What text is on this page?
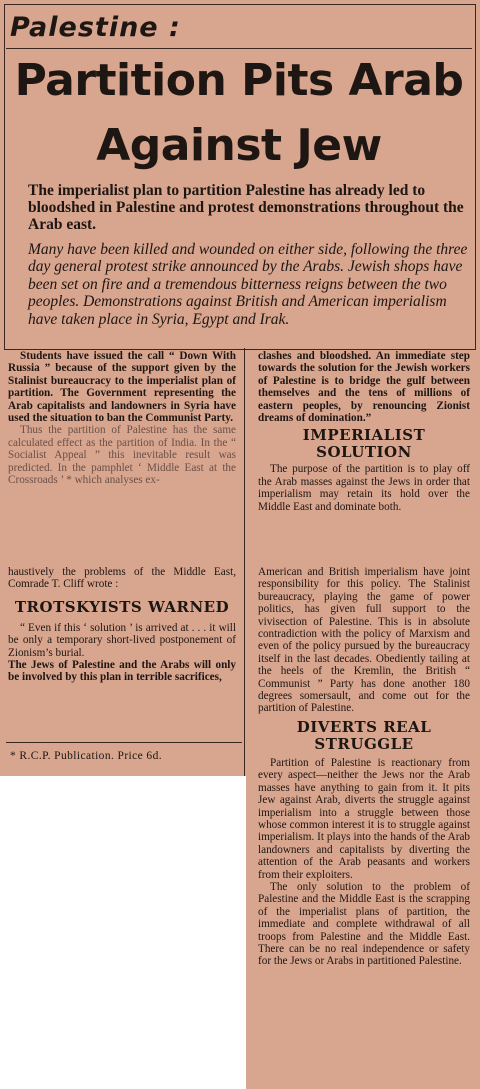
Palestine :
Partition Pits Arab
Against Jew
The imperialist plan to partition Palestine has already led to bloodshed in Palestine and protest demonstrations throughout the Arab east.
Many have been killed and wounded on either side, following the three day general protest strike announced by the Arabs. Jewish shops have been set on fire and a tremendous bitterness reigns between the two peoples. Demonstrations against British and American imperialism have taken place in Syria, Egypt and Irak.

Students have issued the call “ Down With Russia ” because of the support given by the Stalinist bureaucracy to the imperialist plan of partition. The Government representing the Arab capitalists and landowners in Syria have used the situation to ban the Communist Party.

Thus the partition of Palestine has the same calculated effect as the partition of India. In the “ Socialist Appeal ” this inevitable result was predicted. In the pamphlet ‘ Middle East at the Crossroads ’ * which analyses ex-

clashes and bloodshed. An immediate step towards the solution for the Jewish workers of Palestine is to bridge the gulf between themselves and the tens of millions of eastern peoples, by renouncing Zionist dreams of domination.”

IMPERIALIST SOLUTION

The purpose of the partition is to play off the Arab masses against the Jews in order that imperialism may retain its hold over the Middle East and dominate both.

haustively the problems of the Middle East, Comrade T. Cliff wrote :

TROTSKYISTS WARNED

“ Even if this ‘ solution ’ is arrived at . . . it will be only a temporary short-lived postponement of Zionism’s burial.

The Jews of Palestine and the Arabs will only be involved by this plan in terrible sacrifices,

* R.C.P. Publication. Price 6d.

American and British imperialism have joint responsibility for this policy. The Stalinist bureaucracy, playing the game of power politics, has given full support to the vivisection of Palestine. This is in absolute contradiction with the policy of Marxism and even of the policy pursued by the bureaucracy itself in the last decades. Obediently tailing at the heels of the Kremlin, the British “ Communist ” Party has done another 180 degrees somersault, and come out for the partition of Palestine.

DIVERTS REAL STRUGGLE

Partition of Palestine is reactionary from every aspect—neither the Jews nor the Arab masses have anything to gain from it. It pits Jew against Arab, diverts the struggle against imperialism into a struggle between those whose common interest it is to struggle against imperialism. It plays into the hands of the Arab landowners and capitalists by diverting the attention of the Arab peasants and workers from their exploiters.

The only solution to the problem of Palestine and the Middle East is the scrapping of the imperialist plans of partition, the immediate and complete withdrawal of all troops from Palestine and the Middle East. There can be no real independence or safety for the Jews or Arabs in partitioned Palestine.
